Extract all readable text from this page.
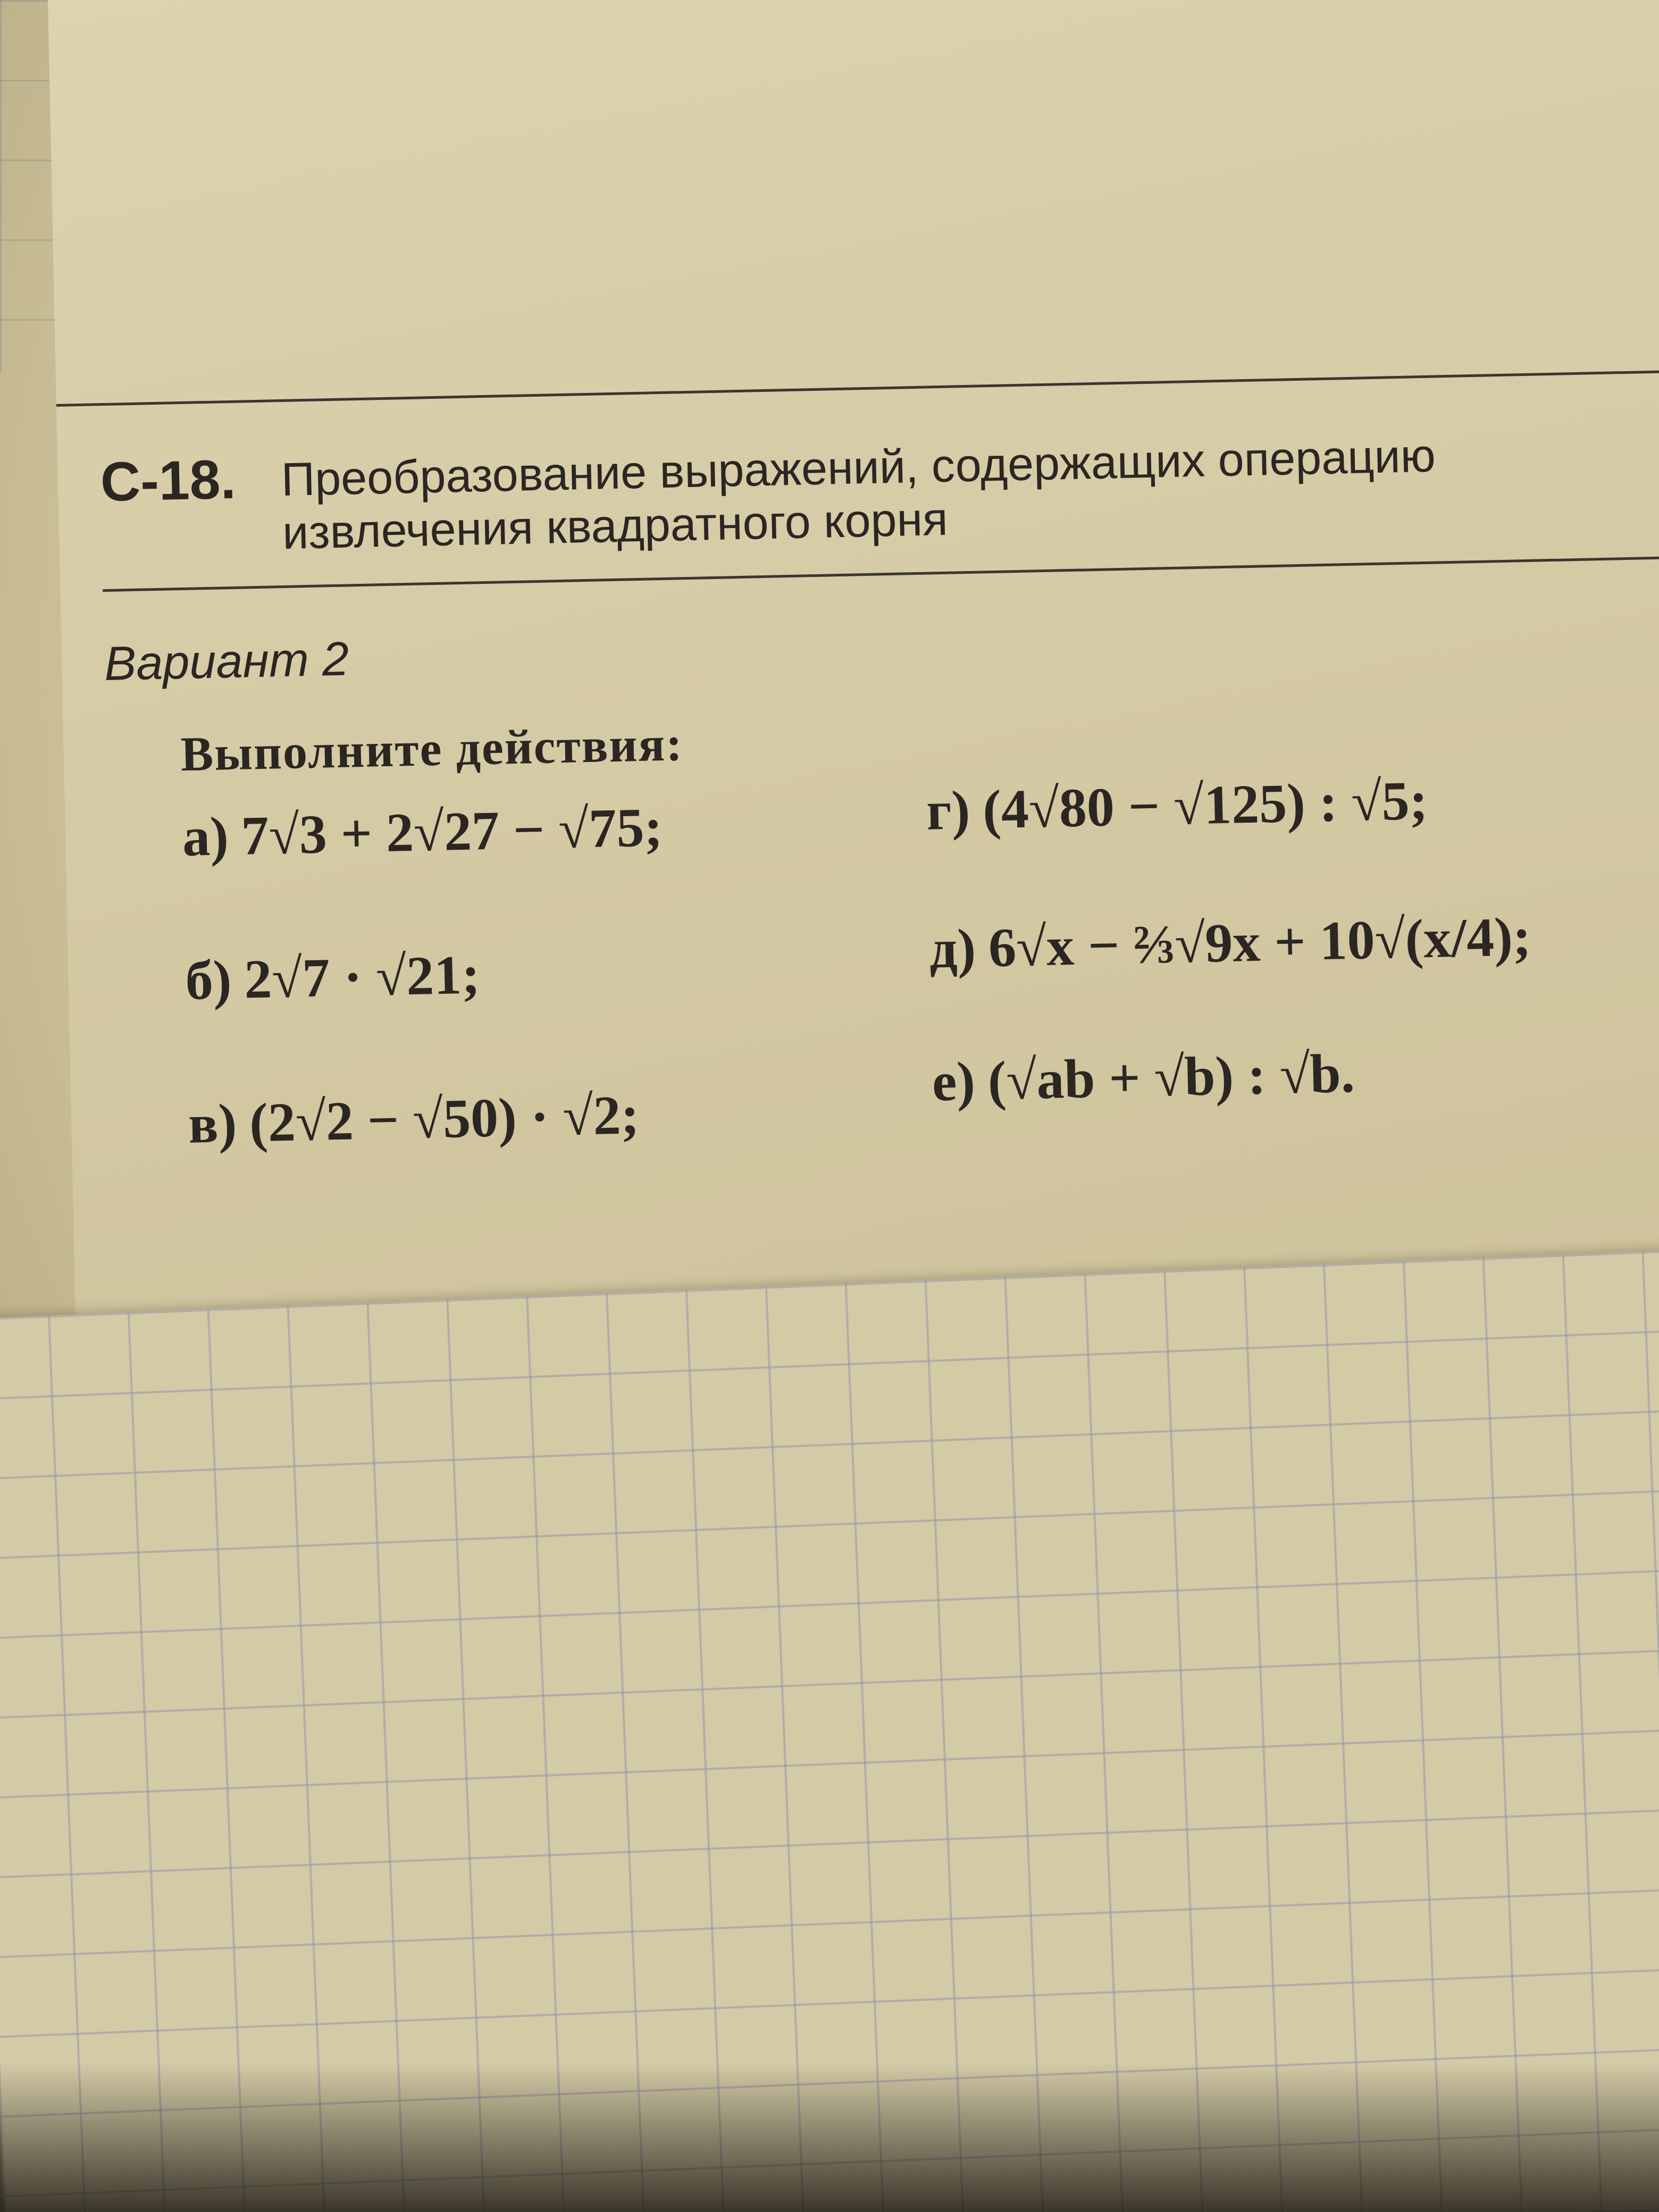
С-18. Преобразование выражений, содержащих операцию
извлечения квадратного корня
Вариант 2
Выполните действия:
а) 7√3 + 2√27 − √75;
б) 2√7 · √21;
в) (2√2 − √50) · √2;
г) (4√80 − √125) : √5;
д) 6√x − ⅔√9x + 10√(x/4);
е) (√ab + √b) : √b.
